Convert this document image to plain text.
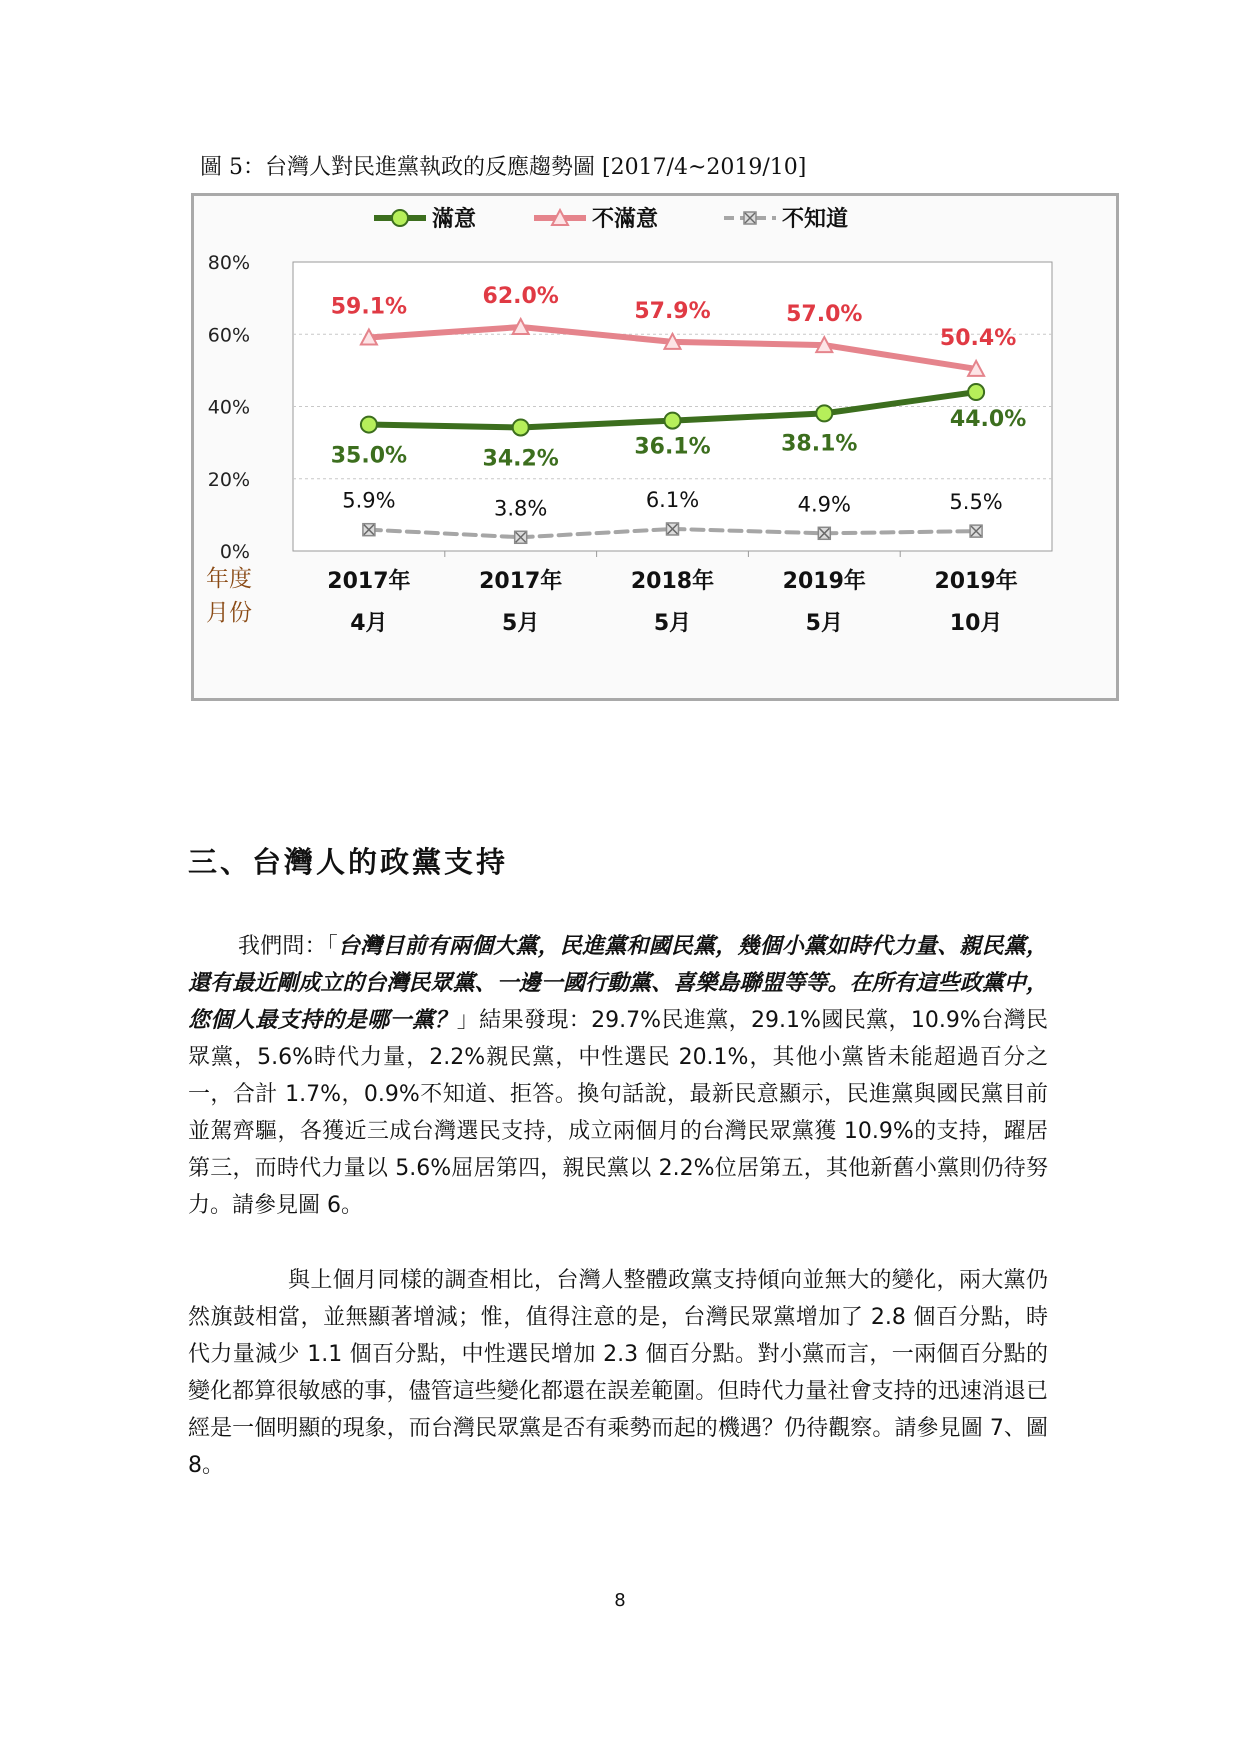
圖 5：台灣人對民進黨執政的反應趨勢圖 [2017/4~2019/10]
0%
20%
40%
60%
80%
35.0%	34.2%	36.1%	38.1%
44.0%
59.1%	62.0%
57.9%	57.0%
50.4%
5.9%	3.8%	6.1%	4.9%	5.5%
滿意	不滿意	不知道
2017年
4月
2017年
5月
2018年
5月
2019年
5月
2019年
10月
年度
月份
三、台灣人的政黨支持

我們問：「台灣目前有兩個大黨，民進黨和國民黨，幾個小黨如時代力量、親民黨，還有最近剛成立的台灣民眾黨、一邊一國行動黨、喜樂島聯盟等等。在所有這些政黨中，您個人最支持的是哪一黨？」結果發現：29.7%民進黨，29.1%國民黨，10.9%台灣民眾黨，5.6%時代力量，2.2%親民黨，中性選民 20.1%，其他小黨皆未能超過百分之一，合計 1.7%，0.9%不知道、拒答。換句話說，最新民意顯示，民進黨與國民黨目前並駕齊驅，各獲近三成台灣選民支持，成立兩個月的台灣民眾黨獲 10.9%的支持，躍居第三，而時代力量以 5.6%屈居第四，親民黨以 2.2%位居第五，其他新舊小黨則仍待努力。請參見圖 6。

與上個月同樣的調查相比，台灣人整體政黨支持傾向並無大的變化，兩大黨仍然旗鼓相當，並無顯著增減；惟，值得注意的是，台灣民眾黨增加了 2.8 個百分點，時代力量減少 1.1 個百分點，中性選民增加 2.3 個百分點。對小黨而言，一兩個百分點的變化都算很敏感的事，儘管這些變化都還在誤差範圍。但時代力量社會支持的迅速消退已經是一個明顯的現象，而台灣民眾黨是否有乘勢而起的機遇？仍待觀察。請參見圖 7、圖 8。

8
